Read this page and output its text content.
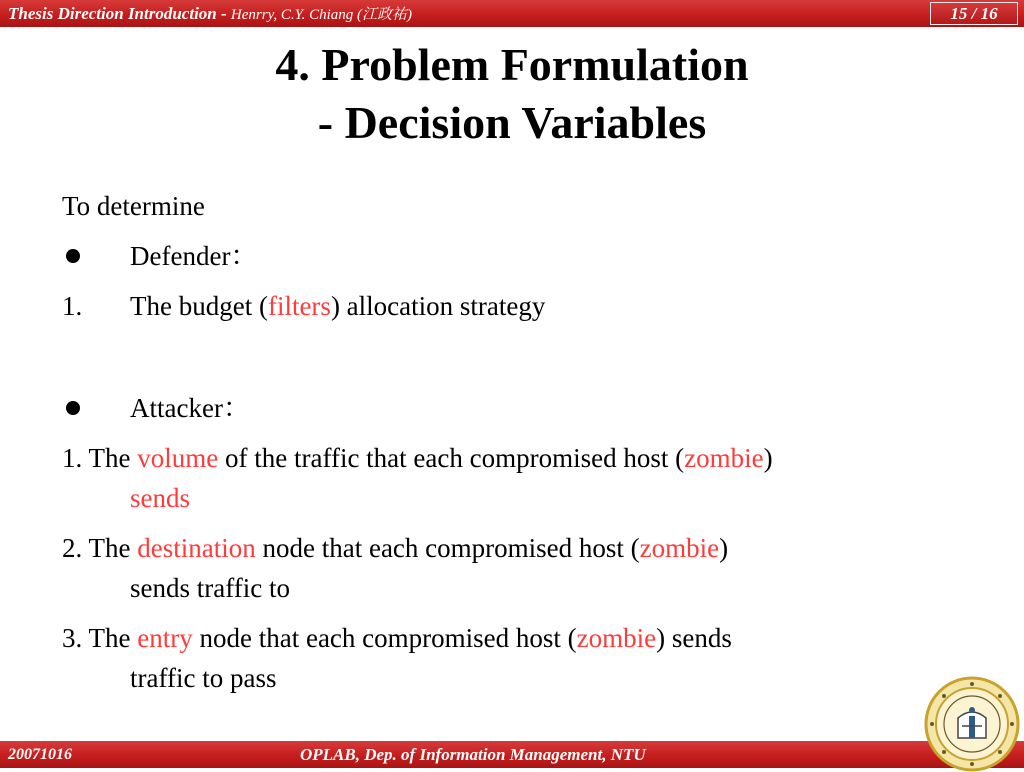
Thesis Direction Introduction - Henrry, C.Y. Chiang (江政祐)	15 / 16
4. Problem Formulation
- Decision Variables
To determine
Defender：
1. The budget (filters) allocation strategy
Attacker：
1. The volume of the traffic that each compromised host (zombie)
sends
2. The destination node that each compromised host (zombie)
sends traffic to
3. The entry node that each compromised host (zombie) sends
traffic to pass
20071016	OPLAB, Dep. of Information Management, NTU
